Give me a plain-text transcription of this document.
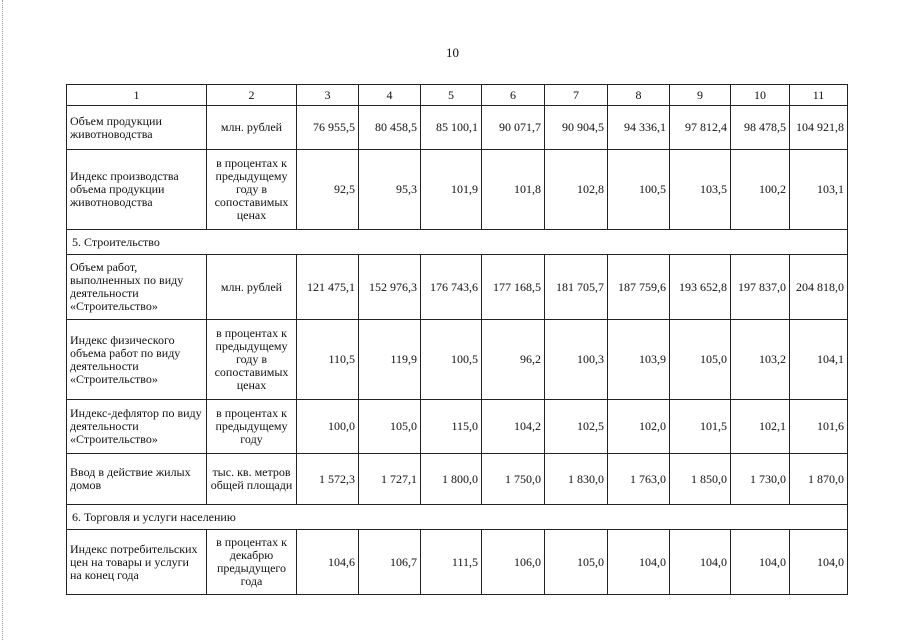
10
1	2	3	4	5	6	7	8	9	10	11
Объем продукции животноводства	млн. рублей	76 955,5	80 458,5	85 100,1	90 071,7	90 904,5	94 336,1	97 812,4	98 478,5	104 921,8
Индекс производства объема продукции животноводства	в процентах к предыдущему году в сопоставимых ценах	92,5	95,3	101,9	101,8	102,8	100,5	103,5	100,2	103,1
5. Строительство										
Объем работ, выполненных по виду деятельности «Строительство»	млн. рублей	121 475,1	152 976,3	176 743,6	177 168,5	181 705,7	187 759,6	193 652,8	197 837,0	204 818,0
Индекс физического объема работ по виду деятельности «Строительство»	в процентах к предыдущему году в сопоставимых ценах	110,5	119,9	100,5	96,2	100,3	103,9	105,0	103,2	104,1
Индекс-дефлятор по виду деятельности «Строительство»	в процентах к предыдущему году	100,0	105,0	115,0	104,2	102,5	102,0	101,5	102,1	101,6
Ввод в действие жилых домов	тыс. кв. метров общей площади	1 572,3	1 727,1	1 800,0	1 750,0	1 830,0	1 763,0	1 850,0	1 730,0	1 870,0
6. Торговля и услуги населению										
Индекс потребительских цен на товары и услуги на конец года	в процентах к декабрю предыдущего года	104,6	106,7	111,5	106,0	105,0	104,0	104,0	104,0	104,0
